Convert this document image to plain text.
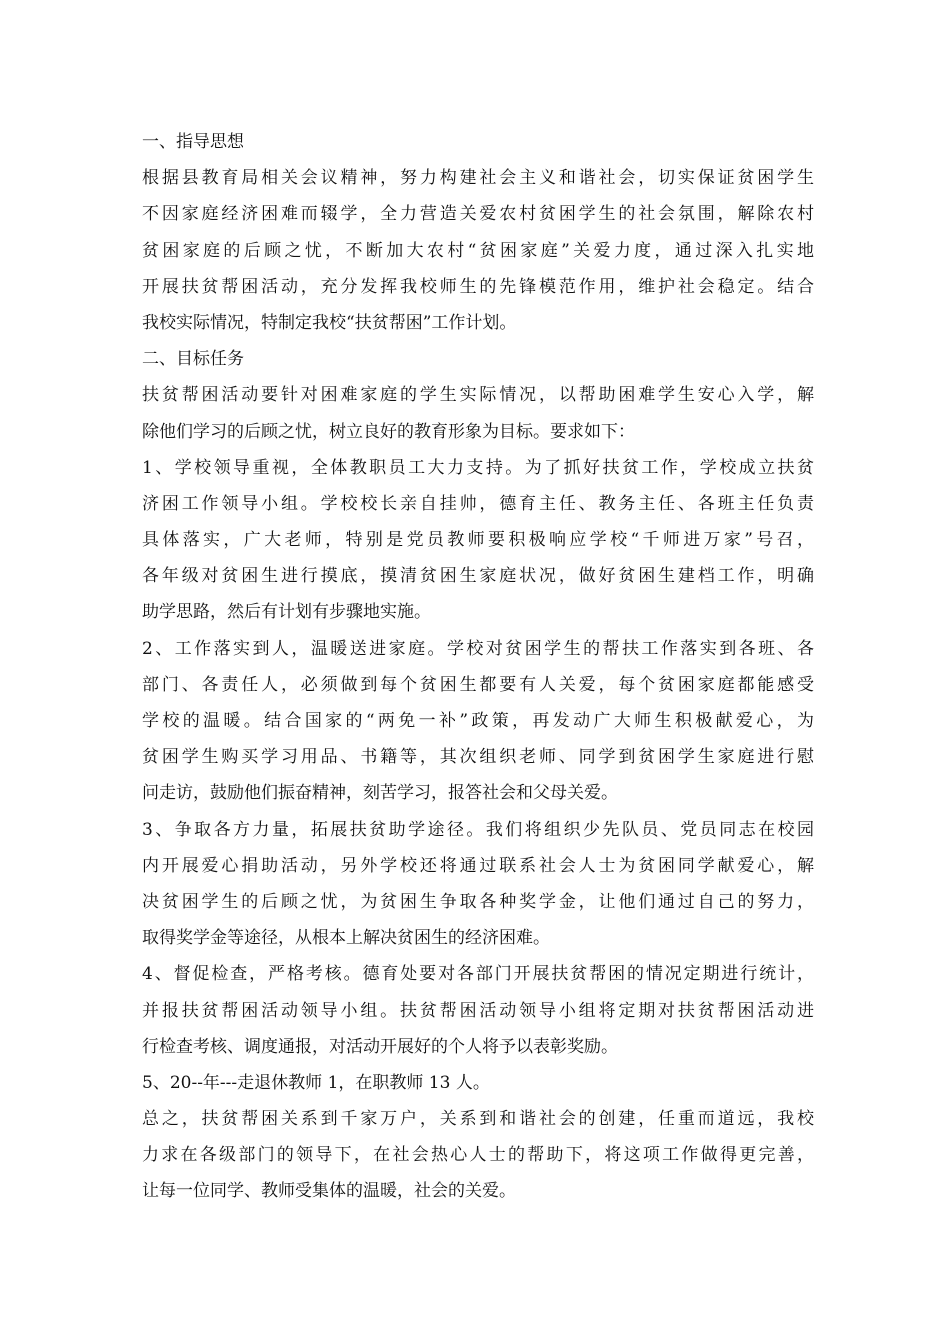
一、指导思想
根据县教育局相关会议精神，努力构建社会主义和谐社会，切实保证贫困学生
不因家庭经济困难而辍学，全力营造关爱农村贫困学生的社会氛围，解除农村
贫困家庭的后顾之忧，不断加大农村“贫困家庭”关爱力度，通过深入扎实地
开展扶贫帮困活动，充分发挥我校师生的先锋模范作用，维护社会稳定。结合
我校实际情况，特制定我校“扶贫帮困”工作计划。
二、目标任务
扶贫帮困活动要针对困难家庭的学生实际情况，以帮助困难学生安心入学，解
除他们学习的后顾之忧，树立良好的教育形象为目标。要求如下：
1、学校领导重视，全体教职员工大力支持。为了抓好扶贫工作，学校成立扶贫
济困工作领导小组。学校校长亲自挂帅，德育主任、教务主任、各班主任负责
具体落实，广大老师，特别是党员教师要积极响应学校“千师进万家”号召，
各年级对贫困生进行摸底，摸清贫困生家庭状况，做好贫困生建档工作，明确
助学思路，然后有计划有步骤地实施。
2、工作落实到人，温暖送进家庭。学校对贫困学生的帮扶工作落实到各班、各
部门、各责任人，必须做到每个贫困生都要有人关爱，每个贫困家庭都能感受
学校的温暖。结合国家的“两免一补”政策，再发动广大师生积极献爱心，为
贫困学生购买学习用品、书籍等，其次组织老师、同学到贫困学生家庭进行慰
问走访，鼓励他们振奋精神，刻苦学习，报答社会和父母关爱。
3、争取各方力量，拓展扶贫助学途径。我们将组织少先队员、党员同志在校园
内开展爱心捐助活动，另外学校还将通过联系社会人士为贫困同学献爱心，解
决贫困学生的后顾之忧，为贫困生争取各种奖学金，让他们通过自己的努力，
取得奖学金等途径，从根本上解决贫困生的经济困难。
4、督促检查，严格考核。德育处要对各部门开展扶贫帮困的情况定期进行统计，
并报扶贫帮困活动领导小组。扶贫帮困活动领导小组将定期对扶贫帮困活动进
行检查考核、调度通报，对活动开展好的个人将予以表彰奖励。
5、20--年---走退休教师 1，在职教师 13 人。
总之，扶贫帮困关系到千家万户，关系到和谐社会的创建，任重而道远，我校
力求在各级部门的领导下，在社会热心人士的帮助下，将这项工作做得更完善，
让每一位同学、教师受集体的温暖，社会的关爱。
